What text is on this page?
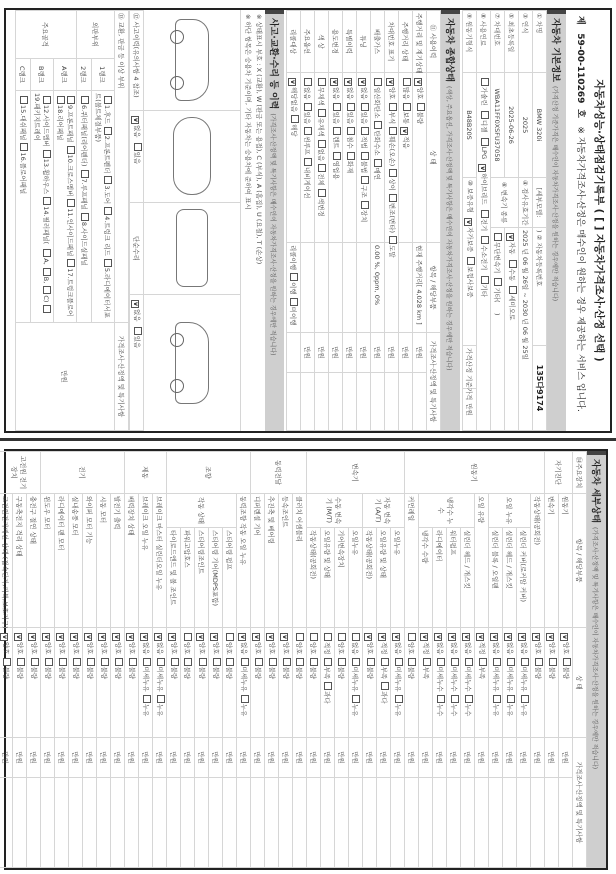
자동차성능·상태점검기록부 ( [ ] 자동차가격조사·산정 선택 )
제   59-00-110269  호   ※ 자동차가격조사·산정은 매수인이 원하는 경우 제공하는 서비스 입니다.
자동차 기본정보(가격산정 기준가격은 매수인이 자동차가격조사·산정을 원하는 경우에만 적습니다)
① 차명	BMW 320i	[세부모델:	) ② 자동차등록번호	135다9174	
③ 연식	2025	④ 검사유효기간	2025 년 06 월 26일 ~ 2030 년 06 월 25일		
⑤ 최초등록일	2025-06-26	⑥ 변속기 종류	v자동 수동 세미오토
⑦ 차대번호	WBA11FF0XSFU37058		무단변속기 기타(     )		
⑧ 사용연료	가솔린 디젤 LPG v하이브리드 전기 수소전기 기타
⑨ 원동기형식	B48B20S	⑩ 보증유형 v자가보증 보험사보증		가격산정 기준가격	만원
자동차 종합상태(색상, 주요옵션, 가격조사·산정액 및 특기사항은 매수인이 자동차가격조사·산정을 원하는 경우에만 적습니다)
⑪ 사용이력	상 태	항목 / 해당부품	가격조사·산정액 및 특기사항	
주행거리 및 계기상태	v양호불량	현재 주행거리[ 4,028 km ]	만원	
주행거리 상태	많음보통v적음		만원	
차대번호 표기	v양호부식훼손(오손)상이변조(변타)도말		만원	
배출가스	일산화탄소탄화수소매연	0.00 %, 0ppm, 0%	만원	
튜닝	v없음있음적법불법구조장치		만원	
특별이력	v없음있음침수화재		만원	
용도변경	v없음있음렌트영업용		만원	
색 상	무채색유채색없음전체색변경		만원	
주요옵션	없음있음썬루프내비게이션		만원	
리콜대상	v해당없음해당	리콜이행이행미이행		
사고·교환·수리 등 이력(가격조사·산정액 및 특기사항은 매수인이 자동차가격조사·산정을 원하는 경우에만 적습니다)
※ 상태표시 부호 : X (교환), W (판금 또는 용접), C (부식), A (흠집), U (요철), T (손상)
※ 하단 항목은 승용차 기준이며, 기타 자동차는 승용차에 준하여 표시
⑫ 사고이력(유의사항 4 참조)	v없음 있음	단순수리	v없음 있음
⑬ 교환, 판금 등 이상 부위			가격조사·산정액 및 특기사항
외판부위	1랭크	1.후드2.프론트펜더3.도어4.트렁크 리드5.라디에이터서포트(볼트체결부품)	만원
	2랭크	6.쿼터패널(리어펜더)7.루프패널8.사이드실패널	
주요골격	A랭크	9.프론트패널10.크로스멤버11.인사이드패널17.트렁크플로어18.리어패널	
	B랭크	12.사이드멤버13.휠하우스14.필러패널( A,B,C)19.패키지트레이	
	C랭크	15.대쉬패널16.플로어패널	
자동차 세부상태(가격조사·산정액 및 특기사항은 매수인이 자동차가격조사·산정을 원하는 경우에만 적습니다)
⑭주요장치	항목 / 해당부품		상 태	가격조사·산정액 및 특기사항	
자기진단	원동기	v양호불량	만원	
	변속기	v양호불량	만원	
원동기	작동상태(공회전)	v양호불량	만원	
	오일 누유	실린더 커버(로커암 커버)	v없음미세누유누유	만원	
		실린더 헤드 / 개스킷	v없음미세누유누유	만원	
		실린더 블록 / 오일팬	v없음미세누유누유	만원	
	오일 유량	v적정부족	만원	
	냉각수 누수	실린더 헤드 / 개스킷	v없음미세누수누수	만원	
		워터펌프	v없음미세누수누수	만원	
		라디에이터	v없음미세누수누수	만원	
		냉각수 수량	v적정부족	만원	
	커먼레일		양호불량	만원	
변속기	자동 변속기 (A/T)	오일누유	v없음미세누유누유	만원	
		오일유량 및 상태	v적정부족과다	만원	
		작동상태(공회전)	v양호불량	만원	
	수동 변속기 (M/T)	오일누유	없음미세누유누유	만원	
		기어변속장치	양호불량	만원	
		오일유량 및 상태	적정부족과다	만원	
		작동상태(공회전)	양호불량	만원	
동력전달	클러치 어셈블리		양호불량	만원	
	등속조인트	v양호불량	만원	
	추진축 및 베어링	v양호불량	만원	
	디퍼렌셜 기어	v양호불량	만원	
조향	동력조향 작동 오일 누유	v없음미세누유누유	만원	
	작동 상태	스티어링 펌프	양호불량	만원	
		스티어링 기어(MDPS포함)	v양호불량	만원	
		스티어링조인트	v양호불량	만원	
		파워고압호스	양호불량	만원	
		타이로드엔드 및 볼 조인트	v양호불량	만원	
제동	브레이크 마스터 실린더오일 누유	v없음미세누유누유	만원	
	브레이크 오일 누유	v없음미세누유누유	만원	
	배력장치 상태	v양호불량	만원	
전기	발전기 출력	v양호불량	만원	
	시동 모터	v양호불량	만원	
	와이퍼 모터 기능	v양호불량	만원	
	실내송풍 모터	v양호불량	만원	
	라디에이터 팬 모터	v양호불량	만원	
	윈도우 모터	v양호불량	만원	
고전원 전기장치	충전구 절연 상태	v양호불량	만원	
	구동축전지 격리 상태	v양호불량	만원	
	고전원전기배선 상태 (접속단자,피복,보호기구)	v양호불량	만원	
